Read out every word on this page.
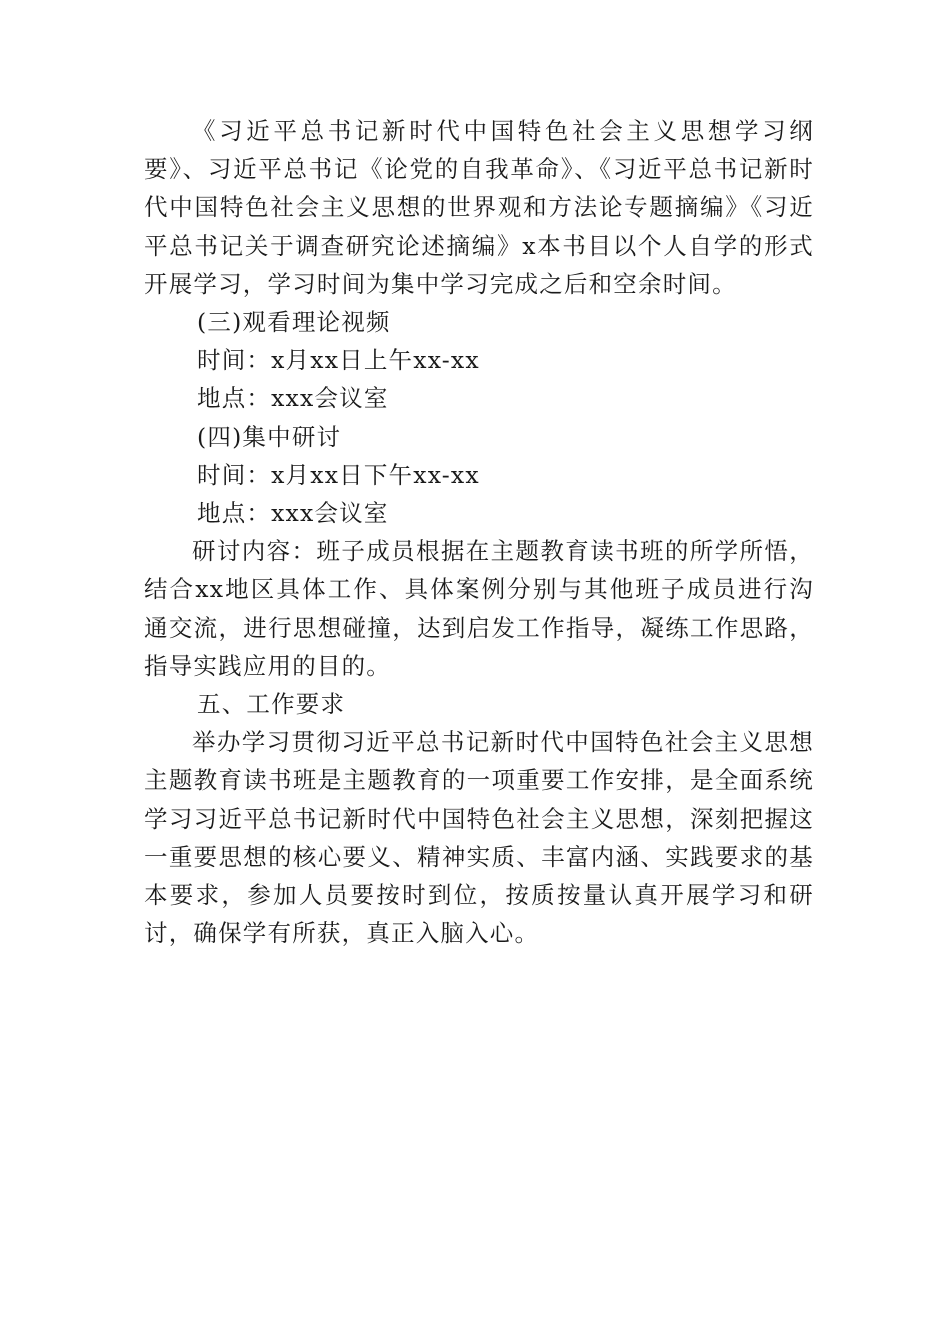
《习近平总书记新时代中国特色社会主义思想学习纲要》、习近平总书记《论党的自我革命》、《习近平总书记新时代中国特色社会主义思想的世界观和方法论专题摘编》《习近平总书记关于调查研究论述摘编》x本书目以个人自学的形式开展学习，学习时间为集中学习完成之后和空余时间。

(三)观看理论视频

时间：x月xx日上午xx-xx

地点：xxx会议室

(四)集中研讨

时间：x月xx日下午xx-xx

地点：xxx会议室

研讨内容：班子成员根据在主题教育读书班的所学所悟，结合xx地区具体工作、具体案例分别与其他班子成员进行沟通交流，进行思想碰撞，达到启发工作指导，凝练工作思路，指导实践应用的目的。

五、工作要求

举办学习贯彻习近平总书记新时代中国特色社会主义思想主题教育读书班是主题教育的一项重要工作安排，是全面系统学习习近平总书记新时代中国特色社会主义思想，深刻把握这一重要思想的核心要义、精神实质、丰富内涵、实践要求的基本要求，参加人员要按时到位，按质按量认真开展学习和研讨，确保学有所获，真正入脑入心。
